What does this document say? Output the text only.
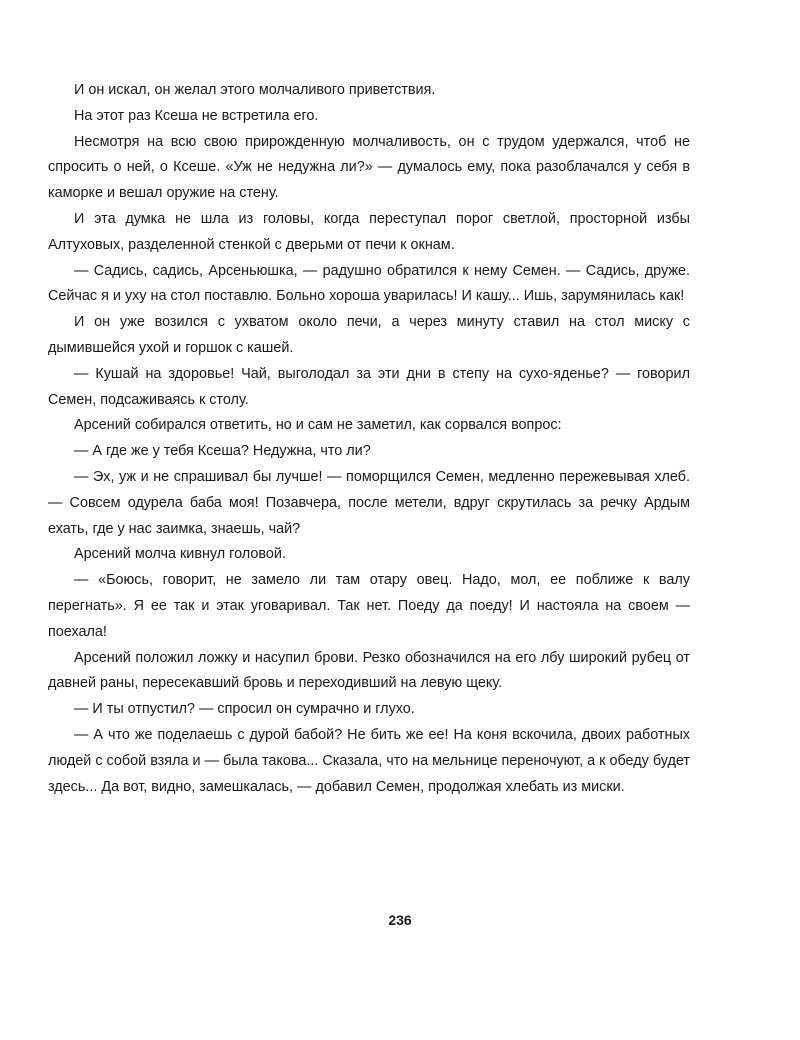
И он искал, он желал этого молчаливого приветствия.

На этот раз Ксеша не встретила его.

Несмотря на всю свою прирожденную молчаливость, он с трудом удержался, чтоб не спросить о ней, о Ксеше. «Уж не недужна ли?» — думалось ему, пока разоблачался у себя в каморке и вешал оружие на стену.

И эта думка не шла из головы, когда переступал порог светлой, просторной избы Алтуховых, разделенной стенкой с дверьми от печи к окнам.

— Садись, садись, Арсеньюшка, — радушно обратился к нему Семен. — Садись, друже. Сейчас я и уху на стол поставлю. Больно хороша уварилась! И кашу... Ишь, зарумянилась как!

И он уже возился с ухватом около печи, а через минуту ставил на стол миску с дымившейся ухой и горшок с кашей.

— Кушай на здоровье! Чай, выголодал за эти дни в степу на сухо-яденье? — говорил Семен, подсаживаясь к столу.

Арсений собирался ответить, но и сам не заметил, как сорвался вопрос:

— А где же у тебя Ксеша? Недужна, что ли?

— Эх, уж и не спрашивал бы лучше! — поморщился Семен, медленно пережевывая хлеб. — Совсем одурела баба моя! Позавчера, после метели, вдруг скрутилась за речку Ардым ехать, где у нас заимка, знаешь, чай?

Арсений молча кивнул головой.

— «Боюсь, говорит, не замело ли там отару овец. Надо, мол, ее поближе к валу перегнать». Я ее так и этак уговаривал. Так нет. Поеду да поеду! И настояла на своем — поехала!

Арсений положил ложку и насупил брови. Резко обозначился на его лбу широкий рубец от давней раны, пересекавший бровь и переходивший на левую щеку.

— И ты отпустил? — спросил он сумрачно и глухо.

— А что же поделаешь с дурой бабой? Не бить же ее! На коня вскочила, двоих работных людей с собой взяла и — была такова... Сказала, что на мельнице переночуют, а к обеду будет здесь... Да вот, видно, замешкалась, — добавил Семен, продолжая хлебать из миски.

236
